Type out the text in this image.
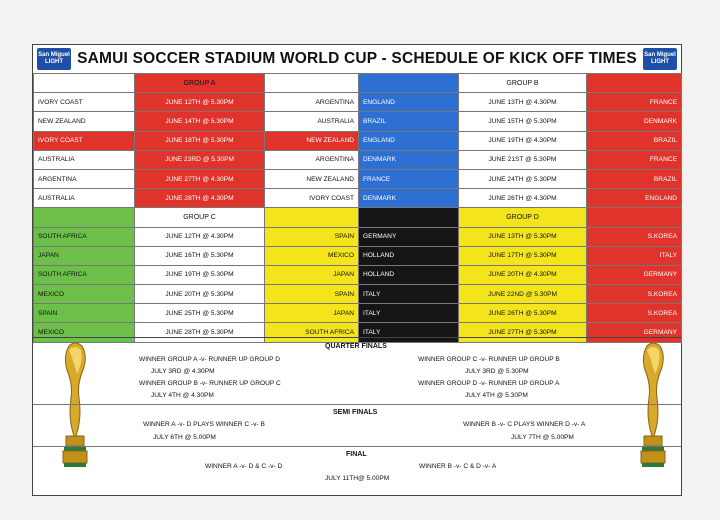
San Miguel
LIGHT SAMUI SOCCER STADIUM WORLD CUP - SCHEDULE OF KICK OFF TIMES San Miguel
LIGHT
	GROUP A			GROUP B	
IVORY COAST	JUNE 12TH @ 5.30PM	ARGENTINA	ENGLAND	JUNE 13TH @ 4.30PM	FRANCE
NEW ZEALAND	JUNE 14TH @ 5.30PM	AUSTRALIA	BRAZIL	JUNE 15TH @ 5.30PM	DENMARK
IVORY COAST	JUNE 18TH @ 5.30PM	NEW ZEALAND	ENGLAND	JUNE 19TH @ 4.30PM	BRAZIL
AUSTRALIA	JUNE 23RD @ 5.30PM	ARGENTINA	DENMARK	JUNE 21ST @ 5.30PM	FRANCE
ARGENTINA	JUNE 27TH @ 4.30PM	NEW ZEALAND	FRANCE	JUNE 24TH @ 5.30PM	BRAZIL
AUSTRALIA	JUNE 28TH @ 4.30PM	IVORY COAST	DENMARK	JUNE 26TH @ 4.30PM	ENGLAND
	GROUP C			GROUP D	
SOUTH AFRICA	JUNE 12TH @ 4.30PM	SPAIN	GERMANY	JUNE 13TH @ 5.30PM	S.KOREA
JAPAN	JUNE 16TH @ 5.30PM	MEXICO	HOLLAND	JUNE 17TH @ 5.30PM	ITALY
SOUTH AFRICA	JUNE 19TH @ 5.30PM	JAPAN	HOLLAND	JUNE 20TH @ 4.30PM	GERMANY
MEXICO	JUNE 20TH @ 5.30PM	SPAIN	ITALY	JUNE 22ND @ 5.30PM	S.KOREA
SPAIN	JUNE 25TH @ 5.30PM	JAPAN	ITALY	JUNE 26TH @ 5.30PM	S.KOREA
MEXICO	JUNE 28TH @ 5.30PM	SOUTH AFRICA	ITALY	JUNE 27TH @ 5.30PM	GERMANY
QUARTER FINALS
WINNER GROUP A -v- RUNNER UP GROUP D
JULY 3RD @ 4.30PM
WINNER GROUP B -v- RUNNER UP GROUP C
JULY 4TH @ 4.30PM
WINNER GROUP C -v- RUNNER UP GROUP B
JULY 3RD @ 5.30PM
WINNER GROUP D -v- RUNNER UP GROUP A
JULY 4TH @ 5.30PM
SEMI FINALS
WINNER A -v- D PLAYS WINNER C -v- B
JULY 6TH @ 5.00PM
WINNER B -v- C PLAYS WINNER D -v- A
JULY 7TH @ 5.00PM
FINAL
WINNER A -v- D & C -v- D	WINNER B -v- C & D -v- A
JULY 11TH@ 5.00PM
